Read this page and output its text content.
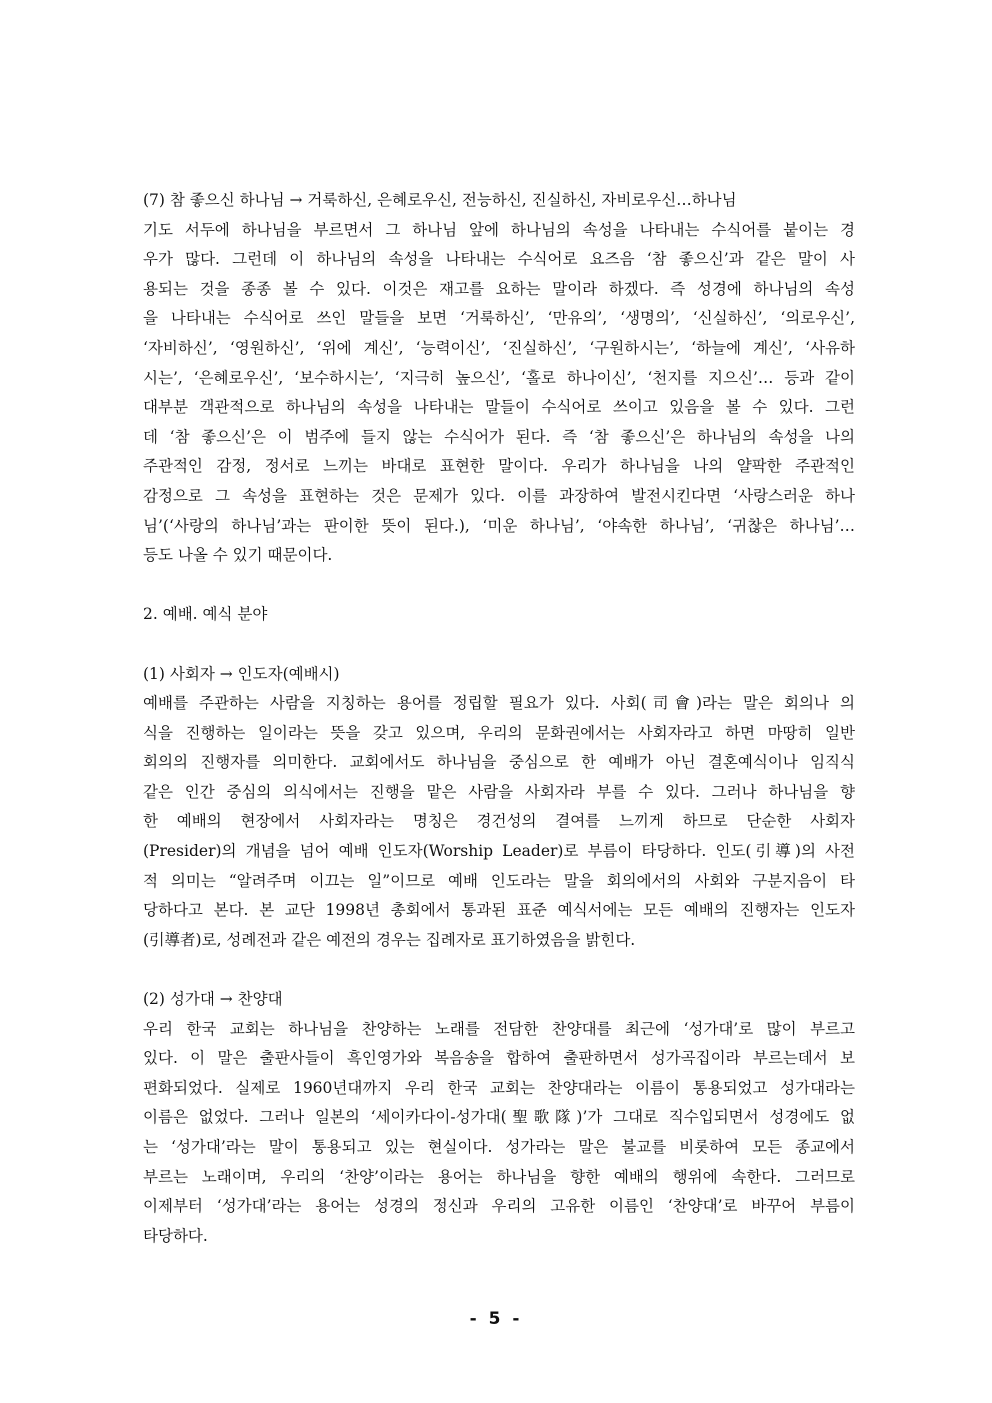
(7) 참 좋으신 하나님 → 거룩하신, 은혜로우신, 전능하신, 진실하신, 자비로우신…하나님
기도 서두에 하나님을 부르면서 그 하나님 앞에 하나님의 속성을 나타내는 수식어를 붙이는 경
우가 많다. 그런데 이 하나님의 속성을 나타내는 수식어로 요즈음 ‘참 좋으신’과 같은 말이 사
용되는 것을 종종 볼 수 있다. 이것은 재고를 요하는 말이라 하겠다. 즉 성경에 하나님의 속성
을 나타내는 수식어로 쓰인 말들을 보면 ‘거룩하신’, ‘만유의’, ‘생명의’, ‘신실하신’, ‘의로우신’,
‘자비하신’, ‘영원하신’, ‘위에 계신’, ‘능력이신’, ‘진실하신’, ‘구원하시는’, ‘하늘에 계신’, ‘사유하
시는’, ‘은혜로우신’, ‘보수하시는’, ‘지극히 높으신’, ‘홀로 하나이신’, ‘천지를 지으신’… 등과 같이
대부분 객관적으로 하나님의 속성을 나타내는 말들이 수식어로 쓰이고 있음을 볼 수 있다. 그런
데 ‘참 좋으신’은 이 범주에 들지 않는 수식어가 된다. 즉 ‘참 좋으신’은 하나님의 속성을 나의
주관적인 감정, 정서로 느끼는 바대로 표현한 말이다. 우리가 하나님을 나의 얄팍한 주관적인
감정으로 그 속성을 표현하는 것은 문제가 있다. 이를 과장하여 발전시킨다면 ‘사랑스러운 하나
님’(‘사랑의 하나님’과는 판이한 뜻이 된다.), ‘미운 하나님’, ‘야속한 하나님’, ‘귀찮은 하나님’…
등도 나올 수 있기 때문이다.
2. 예배. 예식 분야
(1) 사회자 → 인도자(예배시)
예배를 주관하는 사람을 지칭하는 용어를 정립할 필요가 있다. 사회(司會)라는 말은 회의나 의
식을 진행하는 일이라는 뜻을 갖고 있으며, 우리의 문화권에서는 사회자라고 하면 마땅히 일반
회의의 진행자를 의미한다. 교회에서도 하나님을 중심으로 한 예배가 아닌 결혼예식이나 임직식
같은 인간 중심의 의식에서는 진행을 맡은 사람을 사회자라 부를 수 있다. 그러나 하나님을 향
한 예배의 현장에서 사회자라는 명칭은 경건성의 결여를 느끼게 하므로 단순한 사회자
(Presider)의 개념을 넘어 예배 인도자(Worship Leader)로 부름이 타당하다. 인도(引導)의 사전
적 의미는 “알려주며 이끄는 일”이므로 예배 인도라는 말을 회의에서의 사회와 구분지음이 타
당하다고 본다. 본 교단 1998년 총회에서 통과된 표준 예식서에는 모든 예배의 진행자는 인도자
(引導者)로, 성례전과 같은 예전의 경우는 집례자로 표기하였음을 밝힌다.
(2) 성가대 → 찬양대
우리 한국 교회는 하나님을 찬양하는 노래를 전담한 찬양대를 최근에 ‘성가대’로 많이 부르고
있다. 이 말은 출판사들이 흑인영가와 복음송을 합하여 출판하면서 성가곡집이라 부르는데서 보
편화되었다. 실제로 1960년대까지 우리 한국 교회는 찬양대라는 이름이 통용되었고 성가대라는
이름은 없었다. 그러나 일본의 ‘세이카다이-성가대(聖歌隊)’가 그대로 직수입되면서 성경에도 없
는 ‘성가대’라는 말이 통용되고 있는 현실이다. 성가라는 말은 불교를 비롯하여 모든 종교에서
부르는 노래이며, 우리의 ‘찬양’이라는 용어는 하나님을 향한 예배의 행위에 속한다. 그러므로
이제부터 ‘성가대’라는 용어는 성경의 정신과 우리의 고유한 이름인 ‘찬양대’로 바꾸어 부름이
타당하다.
- 5 -
